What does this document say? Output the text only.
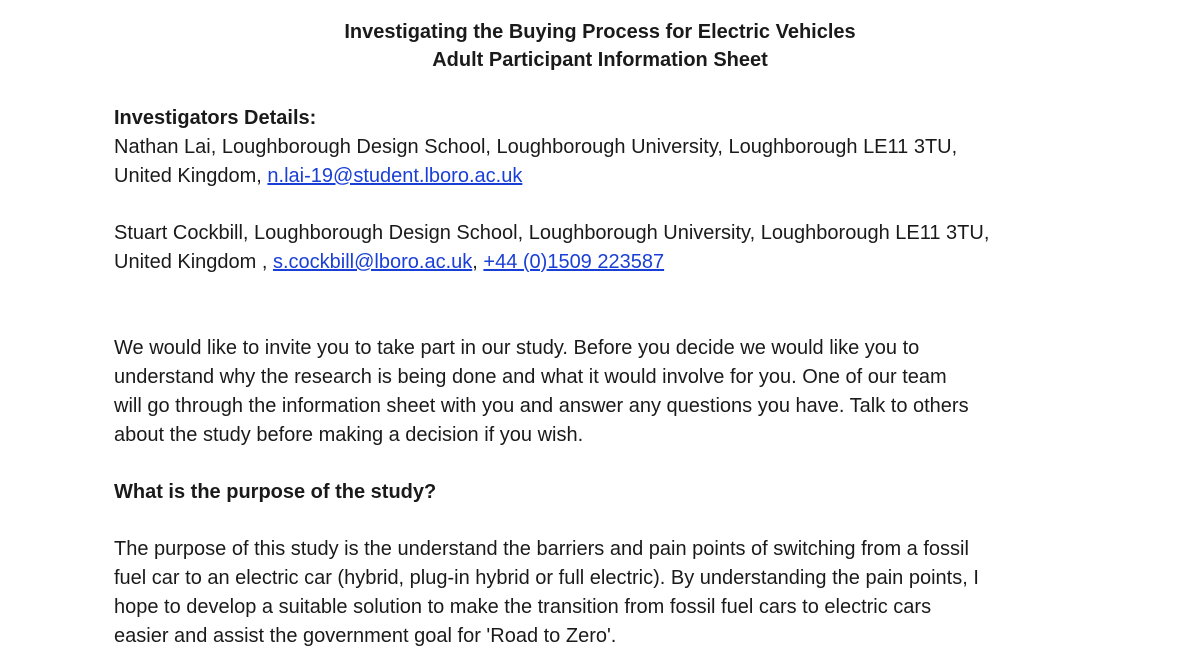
Investigating the Buying Process for Electric Vehicles
Adult Participant Information Sheet
Investigators Details:
Nathan Lai, Loughborough Design School, Loughborough University, Loughborough LE11 3TU,
United Kingdom, n.lai-19@student.lboro.ac.uk
Stuart Cockbill, Loughborough Design School, Loughborough University, Loughborough LE11 3TU,
United Kingdom , s.cockbill@lboro.ac.uk, +44 (0)1509 223587
We would like to invite you to take part in our study. Before you decide we would like you to
understand why the research is being done and what it would involve for you. One of our team
will go through the information sheet with you and answer any questions you have. Talk to others
about the study before making a decision if you wish.
What is the purpose of the study?
The purpose of this study is the understand the barriers and pain points of switching from a fossil
fuel car to an electric car (hybrid, plug-in hybrid or full electric). By understanding the pain points, I
hope to develop a suitable solution to make the transition from fossil fuel cars to electric cars
easier and assist the government goal for 'Road to Zero'.
